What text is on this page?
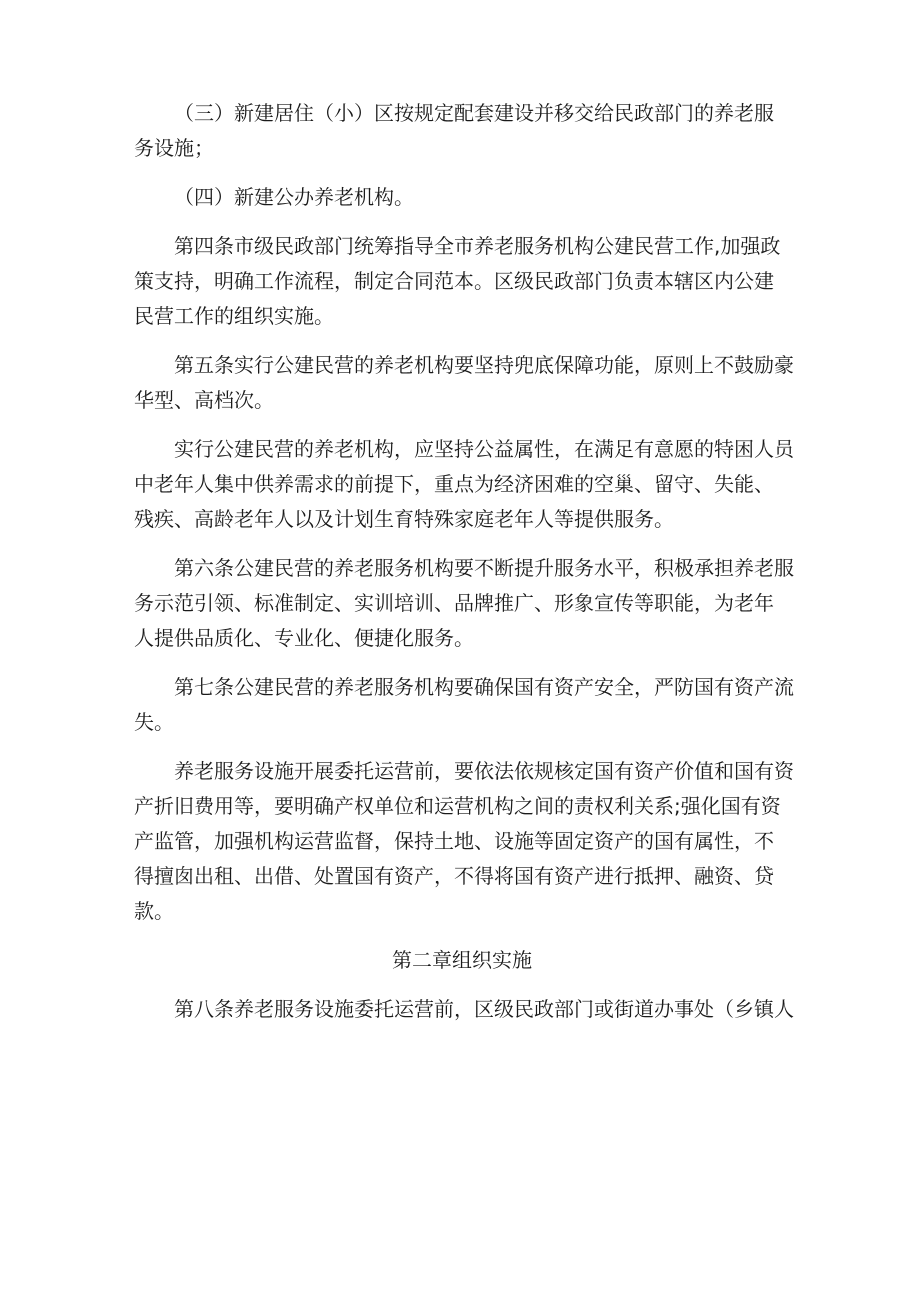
（三）新建居住（小）区按规定配套建设并移交给民政部门的养老服
务设施；

（四）新建公办养老机构。

第四条市级民政部门统筹指导全市养老服务机构公建民营工作,加强政
策支持，明确工作流程，制定合同范本。区级民政部门负责本辖区内公建
民营工作的组织实施。

第五条实行公建民营的养老机构要坚持兜底保障功能，原则上不鼓励豪
华型、高档次。

实行公建民营的养老机构，应坚持公益属性，在满足有意愿的特困人员
中老年人集中供养需求的前提下，重点为经济困难的空巢、留守、失能、
残疾、高龄老年人以及计划生育特殊家庭老年人等提供服务。

第六条公建民营的养老服务机构要不断提升服务水平，积极承担养老服
务示范引领、标准制定、实训培训、品牌推广、形象宣传等职能，为老年
人提供品质化、专业化、便捷化服务。

第七条公建民营的养老服务机构要确保国有资产安全，严防国有资产流
失。

养老服务设施开展委托运营前，要依法依规核定国有资产价值和国有资
产折旧费用等，要明确产权单位和运营机构之间的责权利关系;强化国有资
产监管，加强机构运营监督，保持土地、设施等固定资产的国有属性，不
得擅囱出租、出借、处置国有资产，不得将国有资产进行抵押、融资、贷
款。

第二章组织实施

第八条养老服务设施委托运营前，区级民政部门或街道办事处（乡镇人
